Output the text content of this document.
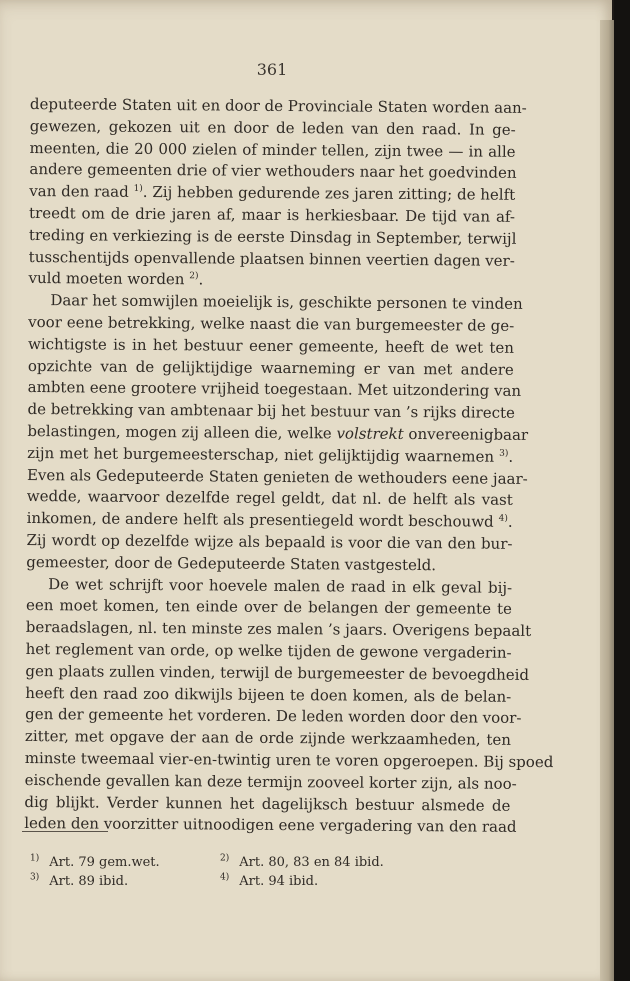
361
deputeerde Staten uit en door de Provinciale Staten worden aan-
gewezen, gekozen uit en door de leden van den raad. In ge-
meenten, die 20 000 zielen of minder tellen, zijn twee — in alle
andere gemeenten drie of vier wethouders naar het goedvinden
van den raad $^{1)}$. Zij hebben gedurende zes jaren zitting; de helft
treedt om de drie jaren af, maar is herkiesbaar. De tijd van af-
treding en verkiezing is de eerste Dinsdag in September, terwijl
tusschentijds openvallende plaatsen binnen veertien dagen ver-
vuld moeten worden $^{2)}$.
Daar het somwijlen moeielijk is, geschikte personen te vinden
voor eene betrekking, welke naast die van burgemeester de ge-
wichtigste is in het bestuur eener gemeente, heeft de wet ten
opzichte van de gelijktijdige waarneming er van met andere
ambten eene grootere vrijheid toegestaan. Met uitzondering van
de betrekking van ambtenaar bij het bestuur van ’s rijks directe
belastingen, mogen zij alleen die, welke volstrekt onvereenigbaar
zijn met het burgemeesterschap, niet gelijktijdig waarnemen $^{3)}$.
Even als Gedeputeerde Staten genieten de wethouders eene jaar-
wedde, waarvoor dezelfde regel geldt, dat nl. de helft als vast
inkomen, de andere helft als presentiegeld wordt beschouwd $^{4)}$.
Zij wordt op dezelfde wijze als bepaald is voor die van den bur-
gemeester, door de Gedeputeerde Staten vastgesteld.
De wet schrijft voor hoevele malen de raad in elk geval bij-
een moet komen, ten einde over de belangen der gemeente te
beraadslagen, nl. ten minste zes malen ’s jaars. Overigens bepaalt
het reglement van orde, op welke tijden de gewone vergaderin-
gen plaats zullen vinden, terwijl de burgemeester de bevoegdheid
heeft den raad zoo dikwijls bijeen te doen komen, als de belan-
gen der gemeente het vorderen. De leden worden door den voor-
zitter, met opgave der aan de orde zijnde werkzaamheden, ten
minste tweemaal vier-en-twintig uren te voren opgeroepen. Bij spoed
eischende gevallen kan deze termijn zooveel korter zijn, als noo-
dig blijkt. Verder kunnen het dagelijksch bestuur alsmede de
leden den voorzitter uitnoodigen eene vergadering van den raad
$^{1)}$ Art. 79 gem.wet.	$^{2)}$ Art. 80, 83 en 84 ibid.
$^{3)}$ Art. 89 ibid.	$^{4)}$ Art. 94 ibid.
